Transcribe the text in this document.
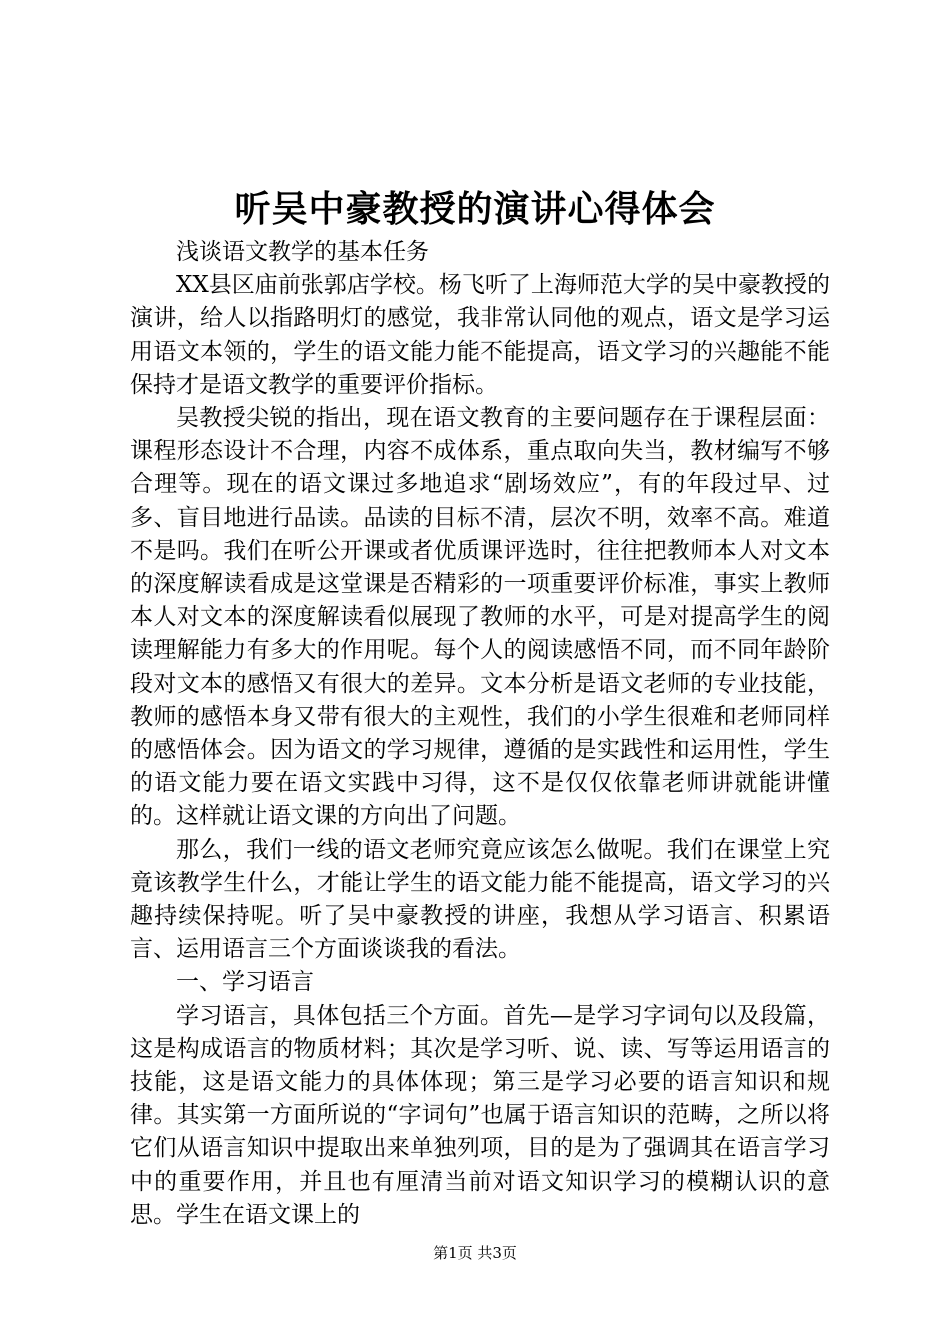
听吴中豪教授的演讲心得体会

浅谈语文教学的基本任务

XX县区庙前张郭店学校。杨飞听了上海师范大学的吴中豪教授的演讲，给人以指路明灯的感觉，我非常认同他的观点，语文是学习运用语文本领的，学生的语文能力能不能提高，语文学习的兴趣能不能保持才是语文教学的重要评价指标。

吴教授尖锐的指出，现在语文教育的主要问题存在于课程层面：课程形态设计不合理，内容不成体系，重点取向失当，教材编写不够合理等。现在的语文课过多地追求“剧场效应”，有的年段过早、过多、盲目地进行品读。品读的目标不清，层次不明，效率不高。难道不是吗。我们在听公开课或者优质课评选时，往往把教师本人对文本的深度解读看成是这堂课是否精彩的一项重要评价标准，事实上教师本人对文本的深度解读看似展现了教师的水平，可是对提高学生的阅读理解能力有多大的作用呢。每个人的阅读感悟不同，而不同年龄阶段对文本的感悟又有很大的差异。文本分析是语文老师的专业技能，教师的感悟本身又带有很大的主观性，我们的小学生很难和老师同样的感悟体会。因为语文的学习规律，遵循的是实践性和运用性，学生的语文能力要在语文实践中习得，这不是仅仅依靠老师讲就能讲懂的。这样就让语文课的方向出了问题。

那么，我们一线的语文老师究竟应该怎么做呢。我们在课堂上究竟该教学生什么，才能让学生的语文能力能不能提高，语文学习的兴趣持续保持呢。听了吴中豪教授的讲座，我想从学习语言、积累语言、运用语言三个方面谈谈我的看法。

一、学习语言

学习语言，具体包括三个方面。首先—是学习字词句以及段篇，这是构成语言的物质材料；其次是学习听、说、读、写等运用语言的技能，这是语文能力的具体体现；第三是学习必要的语言知识和规律。其实第一方面所说的“字词句”也属于语言知识的范畴，之所以将它们从语言知识中提取出来单独列项，目的是为了强调其在语言学习中的重要作用，并且也有厘清当前对语文知识学习的模糊认识的意思。学生在语文课上的

第1页 共3页
